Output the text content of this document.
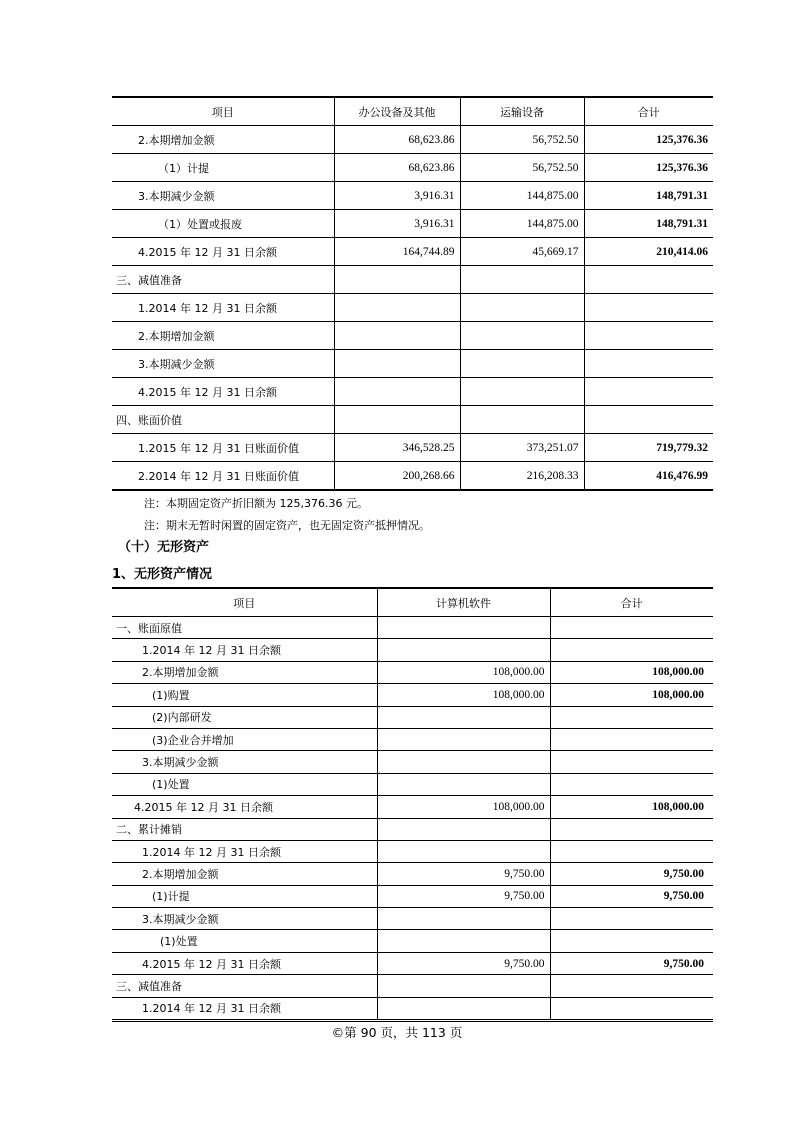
项目	办公设备及其他	运输设备	合计
2.本期增加金额	68,623.86	56,752.50	125,376.36
（1）计提	68,623.86	56,752.50	125,376.36
3.本期减少金额	3,916.31	144,875.00	148,791.31
（1）处置或报废	3,916.31	144,875.00	148,791.31
4.2015 年 12 月 31 日余额	164,744.89	45,669.17	210,414.06
三、减值准备			
1.2014 年 12 月 31 日余额			
2.本期增加金额			
3.本期减少金额			
4.2015 年 12 月 31 日余额			
四、账面价值			
1.2015 年 12 月 31 日账面价值	346,528.25	373,251.07	719,779.32
2.2014 年 12 月 31 日账面价值	200,268.66	216,208.33	416,476.99
注：本期固定资产折旧额为 125,376.36 元。
注：期末无暂时闲置的固定资产，也无固定资产抵押情况。

（十）无形资产

1、无形资产情况

项目	计算机软件	合计
一、账面原值		
1.2014 年 12 月 31 日余额		
2.本期增加金额	108,000.00	108,000.00
(1)购置	108,000.00	108,000.00
(2)内部研发		
(3)企业合并增加		
3.本期减少金额		
(1)处置		
4.2015 年 12 月 31 日余额	108,000.00	108,000.00
二、累计摊销		
1.2014 年 12 月 31 日余额		
2.本期增加金额	9,750.00	9,750.00
(1)计提	9,750.00	9,750.00
3.本期减少金额		
(1)处置		
4.2015 年 12 月 31 日余额	9,750.00	9,750.00
三、减值准备		
1.2014 年 12 月 31 日余额		
©第 90 页，共 113 页
